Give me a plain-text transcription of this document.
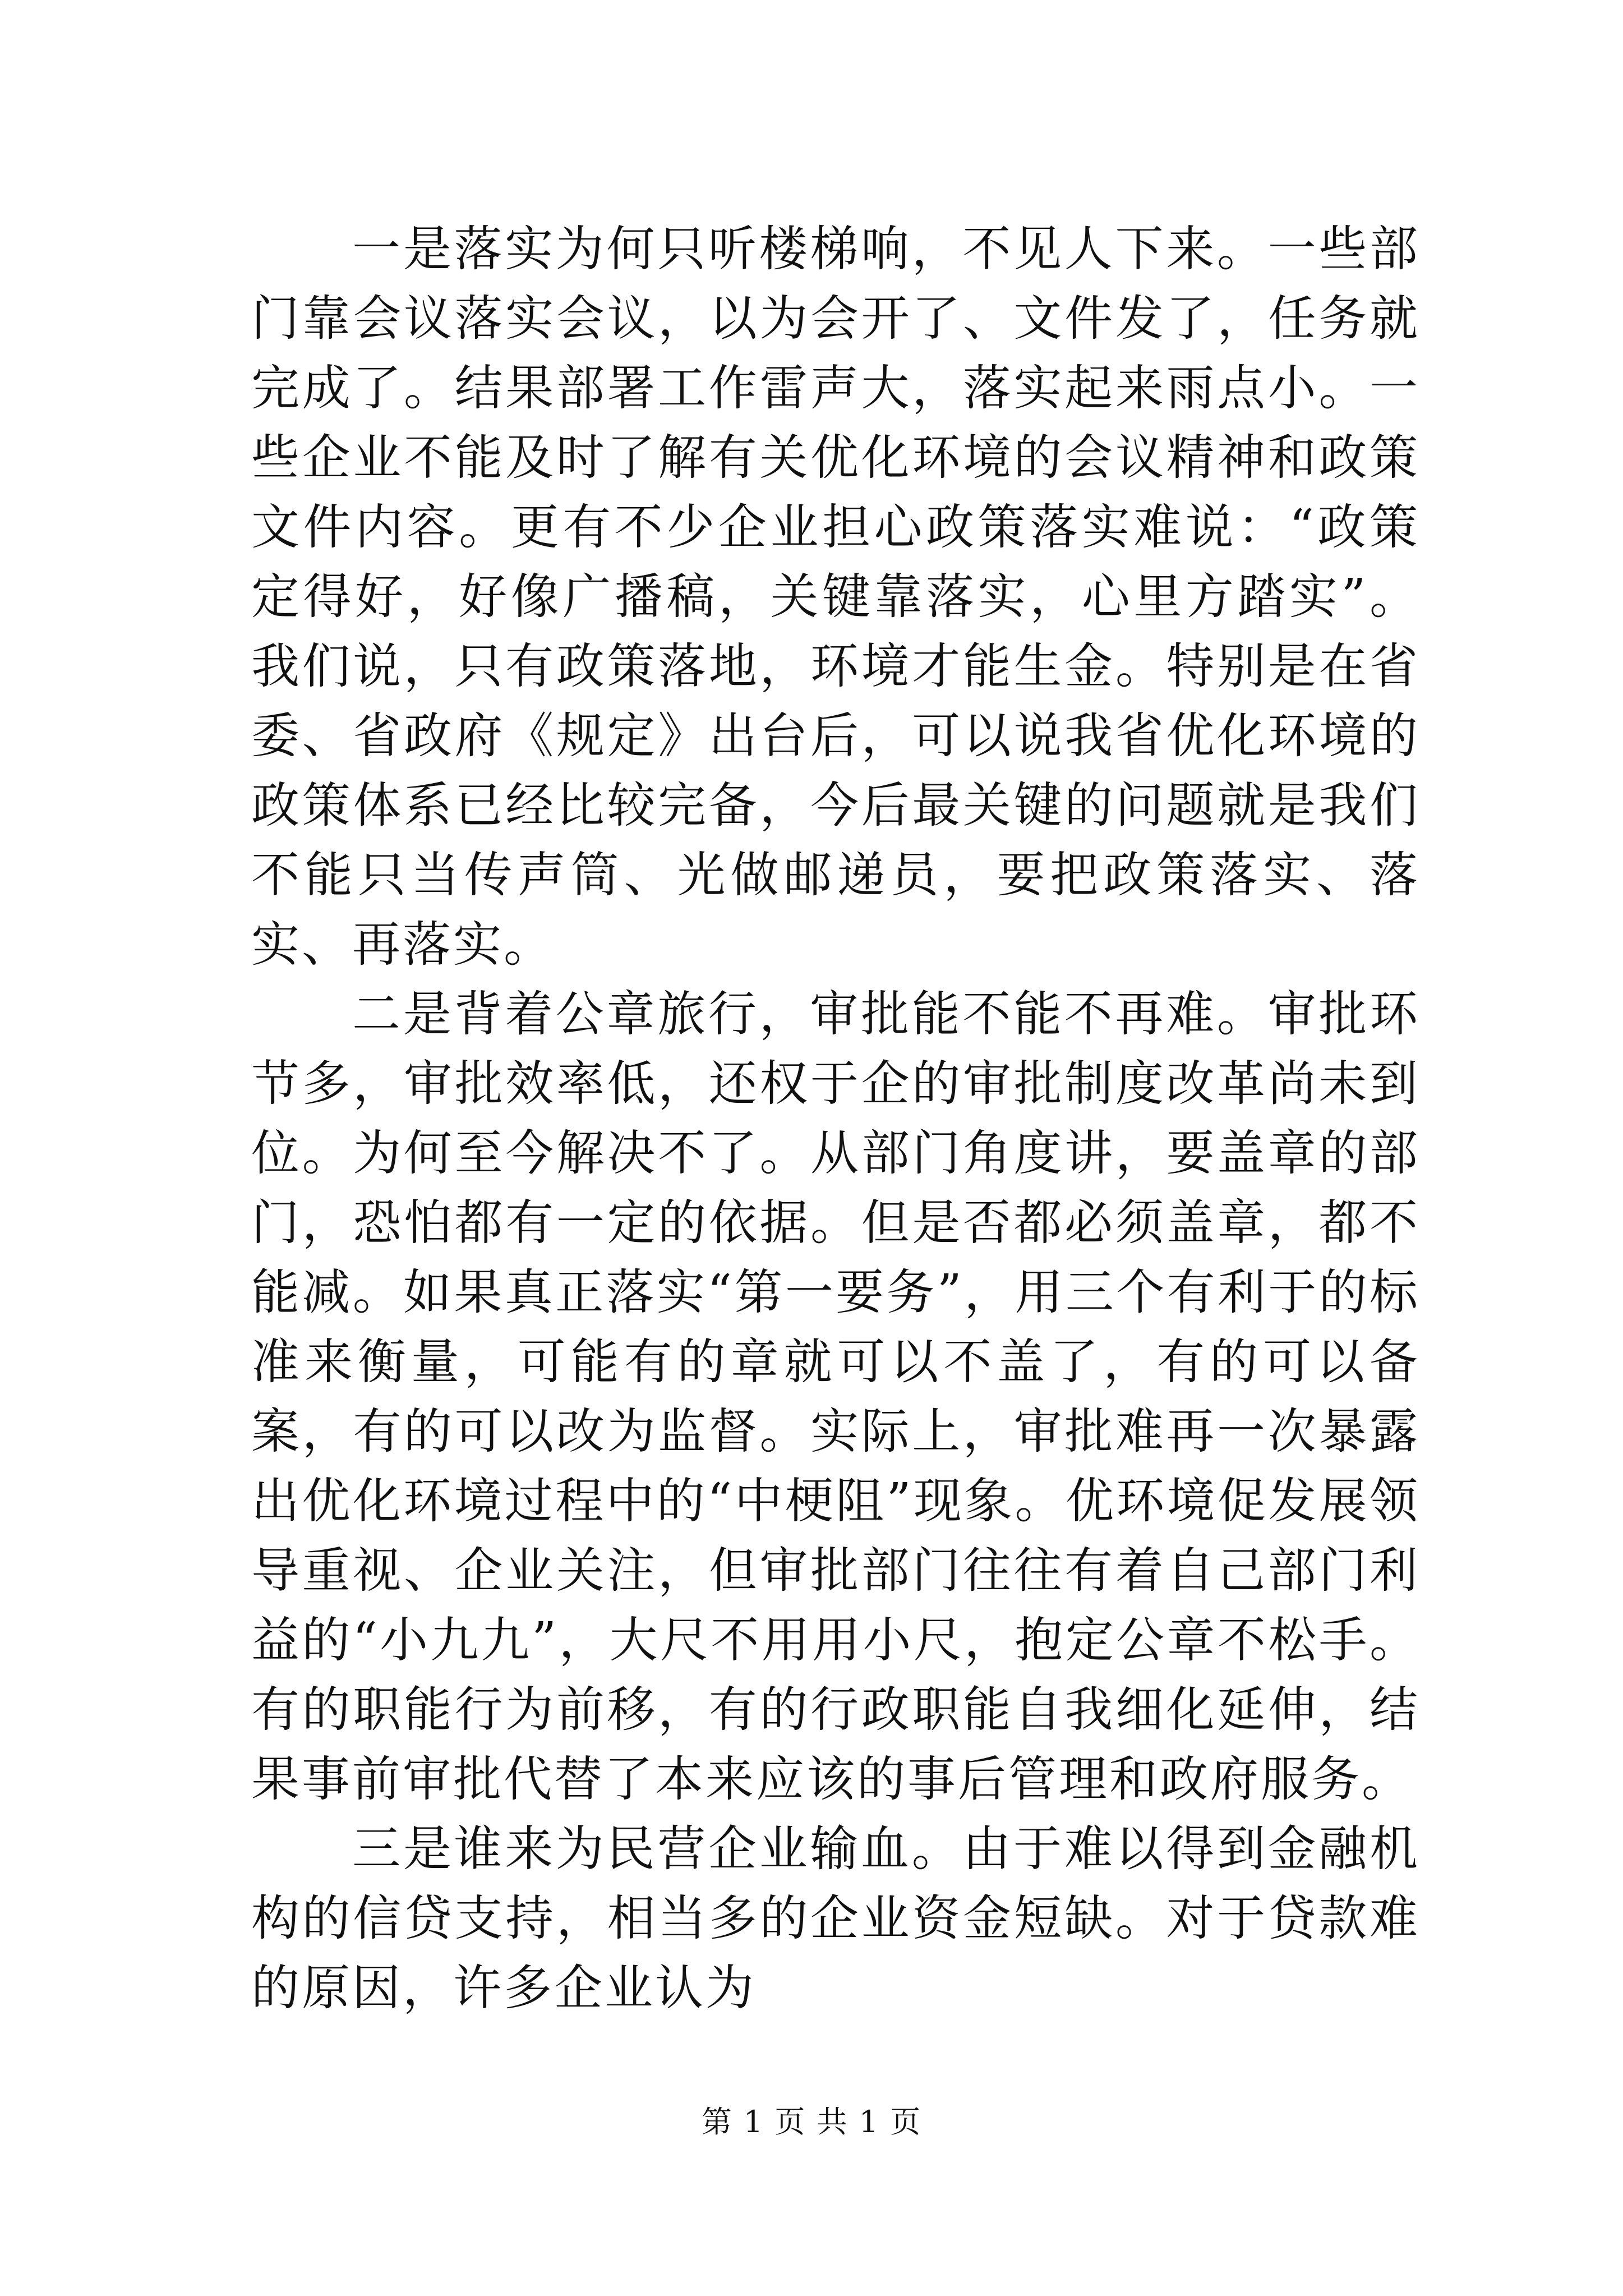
一是落实为何只听楼梯响，不见人下来。一些部门靠会议落实会议，以为会开了、文件发了，任务就完成了。结果部署工作雷声大，落实起来雨点小。一些企业不能及时了解有关优化环境的会议精神和政策文件内容。更有不少企业担心政策落实难说：“政策定得好，好像广播稿，关键靠落实，心里方踏实”。我们说，只有政策落地，环境才能生金。特别是在省委、省政府《规定》出台后，可以说我省优化环境的政策体系已经比较完备，今后最关键的问题就是我们不能只当传声筒、光做邮递员，要把政策落实、落实、再落实。

二是背着公章旅行，审批能不能不再难。审批环节多，审批效率低，还权于企的审批制度改革尚未到位。为何至今解决不了。从部门角度讲，要盖章的部门，恐怕都有一定的依据。但是否都必须盖章，都不能减。如果真正落实“第一要务”，用三个有利于的标准来衡量，可能有的章就可以不盖了，有的可以备案，有的可以改为监督。实际上，审批难再一次暴露出优化环境过程中的“中梗阻”现象。优环境促发展领导重视、企业关注，但审批部门往往有着自己部门利益的“小九九”，大尺不用用小尺，抱定公章不松手。有的职能行为前移，有的行政职能自我细化延伸，结果事前审批代替了本来应该的事后管理和政府服务。

三是谁来为民营企业输血。由于难以得到金融机构的信贷支持，相当多的企业资金短缺。对于贷款难的原因，许多企业认为

第 1 页 共 1 页
